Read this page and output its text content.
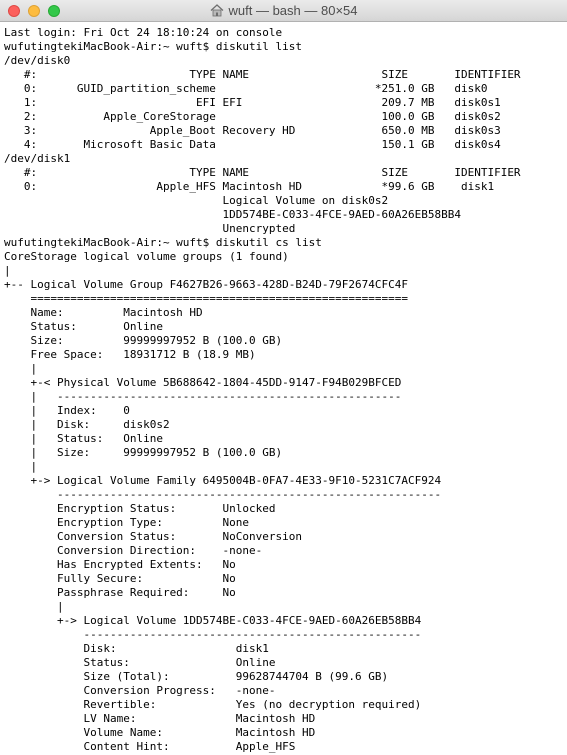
wuft — bash — 80×54
Last login: Fri Oct 24 18:10:24 on console
wufutingtekiMacBook-Air:~ wuft$ diskutil list
/dev/disk0
#:                       TYPE NAME                    SIZE       IDENTIFIER
0:      GUID_partition_scheme                        *251.0 GB   disk0
1:                        EFI EFI                     209.7 MB   disk0s1
2:          Apple_CoreStorage                         100.0 GB   disk0s2
3:                 Apple_Boot Recovery HD             650.0 MB   disk0s3
4:       Microsoft Basic Data                         150.1 GB   disk0s4
/dev/disk1
#:                       TYPE NAME                    SIZE       IDENTIFIER
0:                  Apple_HFS Macintosh HD            *99.6 GB    disk1
Logical Volume on disk0s2
1DD574BE-C033-4FCE-9AED-60A26EB58BB4
Unencrypted
wufutingtekiMacBook-Air:~ wuft$ diskutil cs list
CoreStorage logical volume groups (1 found)
|
+-- Logical Volume Group F4627B26-9663-428D-B24D-79F2674CFC4F
=========================================================
Name:         Macintosh HD
Status:       Online
Size:         99999997952 B (100.0 GB)
Free Space:   18931712 B (18.9 MB)
|
+-< Physical Volume 5B688642-1804-45DD-9147-F94B029BFCED
|   ----------------------------------------------------
|   Index:    0
|   Disk:     disk0s2
|   Status:   Online
|   Size:     99999997952 B (100.0 GB)
|
+-> Logical Volume Family 6495004B-0FA7-4E33-9F10-5231C7ACF924
----------------------------------------------------------
Encryption Status:       Unlocked
Encryption Type:         None
Conversion Status:       NoConversion
Conversion Direction:    -none-
Has Encrypted Extents:   No
Fully Secure:            No
Passphrase Required:     No
|
+-> Logical Volume 1DD574BE-C033-4FCE-9AED-60A26EB58BB4
---------------------------------------------------
Disk:                  disk1
Status:                Online
Size (Total):          99628744704 B (99.6 GB)
Conversion Progress:   -none-
Revertible:            Yes (no decryption required)
LV Name:               Macintosh HD
Volume Name:           Macintosh HD
Content Hint:          Apple_HFS
